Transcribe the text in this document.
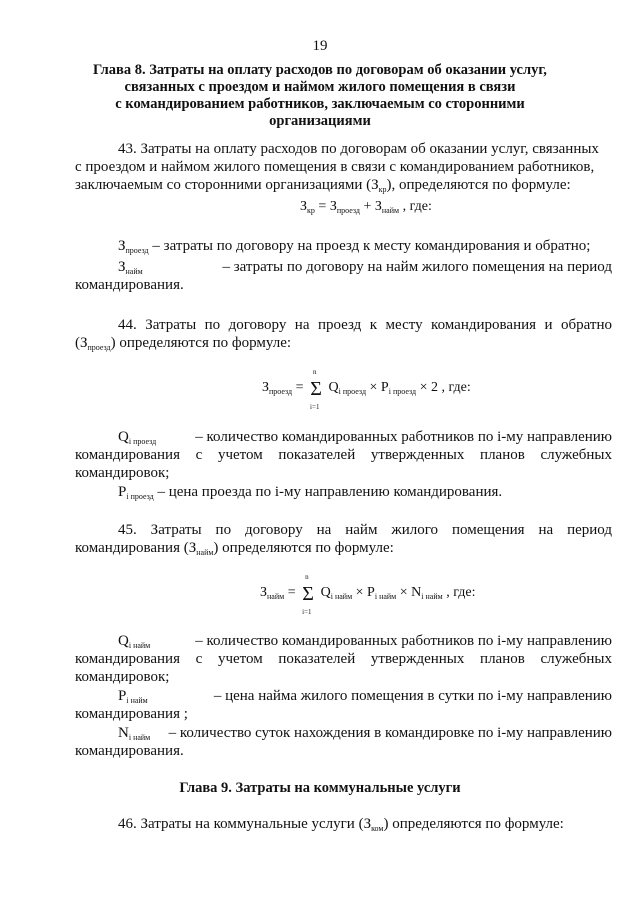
19
Глава 8. Затраты на оплату расходов по договорам об оказании услуг,
связанных с проездом и наймом жилого помещения в связи
с командированием работников, заключаемым со сторонними
организациями
43. Затраты на оплату расходов по договорам об оказании услуг, связанных
с проездом и наймом жилого помещения в связи с командированием работников,
заключаемым со сторонними организациями $(З_{кр})$, определяются по формуле:
$З_{кр} = З_{проезд} + З_{найм}$ , где:
$З_{проезд}$ – затраты по договору на проезд к месту командирования и обратно;
$З_{найм}$	– затраты по договору на найм жилого помещения на период
командирования.
44. Затраты по договору на проезд к месту командирования и обратно
$(З_{проезд})$ определяются по формуле:
$З_{проезд} = \Sigma$
n
i=1
$Q_{i проезд} \times P_{i проезд} \times 2$ , где:
$Q_{i проезд}$	– количество командированных работников по i-му направлению
командирования с учетом показателей утвержденных планов служебных
командировок;
$P_{i проезд}$ – цена проезда по i-му направлению командирования.
45. Затраты по договору на найм жилого помещения на период
командирования $(З_{найм})$ определяются по формуле:
$З_{найм} = \Sigma$
n
i=1
$Q_{i найм} \times P_{i найм} \times N_{i найм}$ , где:
$Q_{i найм}$	– количество командированных работников по i-му направлению
командирования с учетом показателей утвержденных планов служебных
командировок;
$P_{i найм}$	– цена найма жилого помещения в сутки по i-му направлению
командирования ;
$N_{i найм}$ – количество суток нахождения в командировке по i-му направлению
командирования.
Глава 9. Затраты на коммунальные услуги
46. Затраты на коммунальные услуги $(З_{ком})$ определяются по формуле:
